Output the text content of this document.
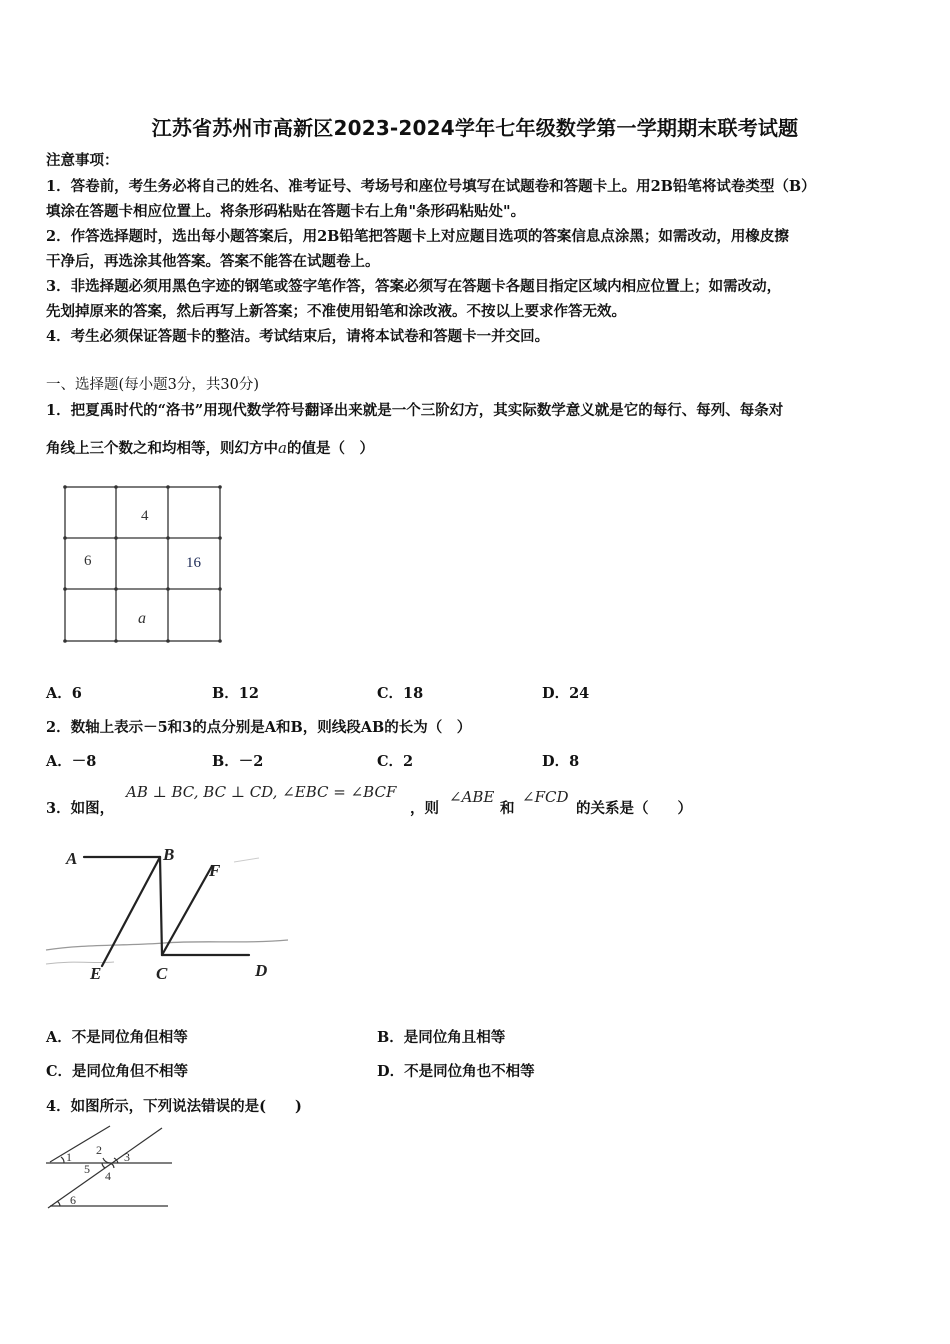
江苏省苏州市高新区2023-2024学年七年级数学第一学期期末联考试题
注意事项：
1．答卷前，考生务必将自己的姓名、准考证号、考场号和座位号填写在试题卷和答题卡上。用2B铅笔将试卷类型（B）
填涂在答题卡相应位置上。将条形码粘贴在答题卡右上角"条形码粘贴处"。
2．作答选择题时，选出每小题答案后，用2B铅笔把答题卡上对应题目选项的答案信息点涂黑；如需改动，用橡皮擦
干净后，再选涂其他答案。答案不能答在试题卷上。
3．非选择题必须用黑色字迹的钢笔或签字笔作答，答案必须写在答题卡各题目指定区域内相应位置上；如需改动，
先划掉原来的答案，然后再写上新答案；不准使用铅笔和涂改液。不按以上要求作答无效。
4．考生必须保证答题卡的整洁。考试结束后，请将本试卷和答题卡一并交回。
一、选择题(每小题3分，共30分)
1．把夏禹时代的“洛书”用现代数学符号翻译出来就是一个三阶幻方，其实际数学意义就是它的每行、每列、每条对
角线上三个数之和均相等，则幻方中a的值是（　）
4
6	16
a
A．6	B．12	C．18	D．24
2．数轴上表示－5和3的点分别是A和B，则线段AB的长为（　）
A．－8	B．－2	C．2	D．8
3．如图，
AB ⊥ BC, BC ⊥ CD, ∠EBC = ∠BCF
，则
∠ABE
和
∠FCD
的关系是（　　）
A	B
F
E	C	D
A．不是同位角但相等	B．是同位角且相等
C．是同位角但不相等	D．不是同位角也不相等
4．如图所示，下列说法错误的是(　　)
1 2 3
5 4
6
